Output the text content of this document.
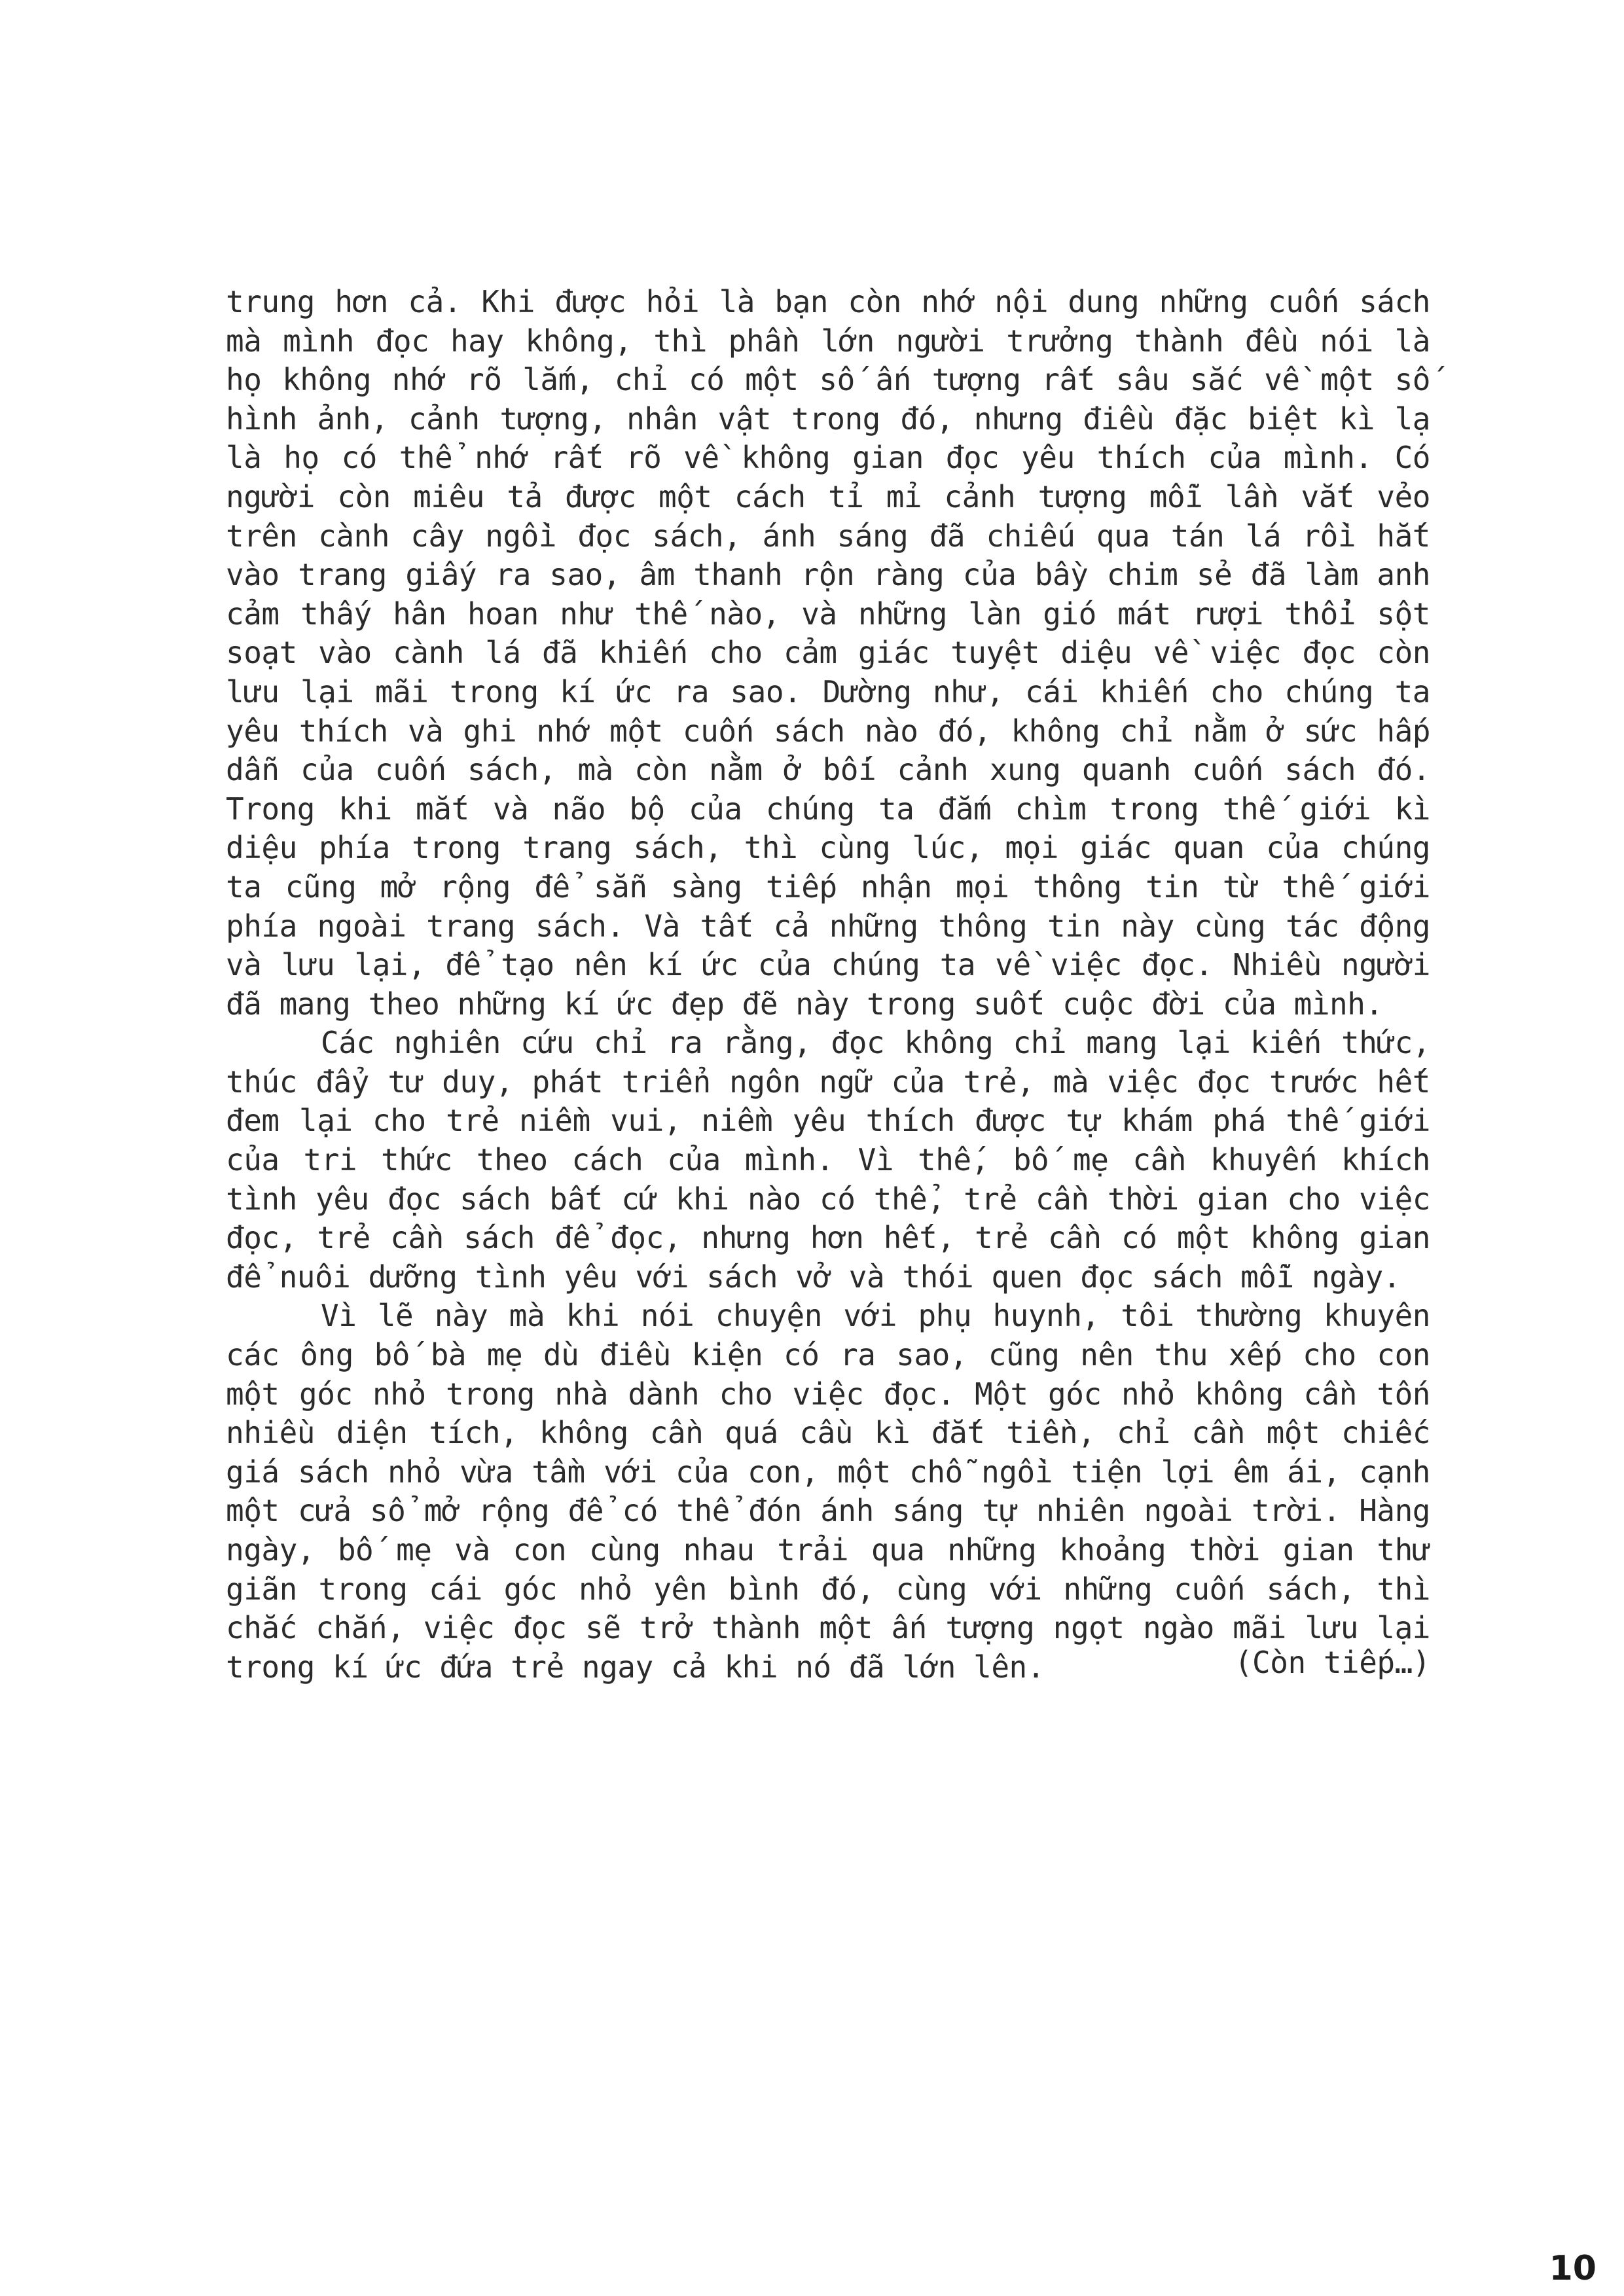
trung hơn cả. Khi được hỏi là bạn còn nhớ nội dung những cuốn sách mà mình đọc hay không, thì phần lớn người trưởng thành đều nói là họ không nhớ rõ lắm, chỉ có một số ấn tượng rất sâu sắc về một số hình ảnh, cảnh tượng, nhân vật trong đó, nhưng điều đặc biệt kì lạ là họ có thể nhớ rất rõ về không gian đọc yêu thích của mình. Có người còn miêu tả được một cách tỉ mỉ cảnh tượng mỗi lần vắt vẻo trên cành cây ngồi đọc sách, ánh sáng đã chiếu qua tán lá rồi hắt vào trang giấy ra sao, âm thanh rộn ràng của bầy chim sẻ đã làm anh cảm thấy hân hoan như thế nào, và những làn gió mát rượi thổi sột soạt vào cành lá đã khiến cho cảm giác tuyệt diệu về việc đọc còn lưu lại mãi trong kí ức ra sao. Dường như, cái khiến cho chúng ta yêu thích và ghi nhớ một cuốn sách nào đó, không chỉ nằm ở sức hấp dẫn của cuốn sách, mà còn nằm ở bối cảnh xung quanh cuốn sách đó. Trong khi mắt và não bộ của chúng ta đắm chìm trong thế giới kì diệu phía trong trang sách, thì cùng lúc, mọi giác quan của chúng ta cũng mở rộng để sẵn sàng tiếp nhận mọi thông tin từ thế giới phía ngoài trang sách. Và tất cả những thông tin này cùng tác động và lưu lại, để tạo nên kí ức của chúng ta về việc đọc. Nhiều người đã mang theo những kí ức đẹp đẽ này trong suốt cuộc đời của mình.

Các nghiên cứu chỉ ra rằng, đọc không chỉ mang lại kiến thức, thúc đẩy tư duy, phát triển ngôn ngữ của trẻ, mà việc đọc trước hết đem lại cho trẻ niềm vui, niềm yêu thích được tự khám phá thế giới của tri thức theo cách của mình. Vì thế, bố mẹ cần khuyến khích tình yêu đọc sách bất cứ khi nào có thể, trẻ cần thời gian cho việc đọc, trẻ cần sách để đọc, nhưng hơn hết, trẻ cần có một không gian để nuôi dưỡng tình yêu với sách vở và thói quen đọc sách mỗi ngày.

Vì lẽ này mà khi nói chuyện với phụ huynh, tôi thường khuyên các ông bố bà mẹ dù điều kiện có ra sao, cũng nên thu xếp cho con một góc nhỏ trong nhà dành cho việc đọc. Một góc nhỏ không cần tốn nhiều diện tích, không cần quá cầu kì đắt tiền, chỉ cần một chiếc giá sách nhỏ vừa tầm với của con, một chỗ ngồi tiện lợi êm ái, cạnh một cửa sổ mở rộng để có thể đón ánh sáng tự nhiên ngoài trời. Hàng ngày, bố mẹ và con cùng nhau trải qua những khoảng thời gian thư giãn trong cái góc nhỏ yên bình đó, cùng với những cuốn sách, thì chắc chắn, việc đọc sẽ trở thành một ấn tượng ngọt ngào mãi lưu lại trong kí ức đứa trẻ ngay cả khi nó đã lớn lên.	(Còn tiếp…)
10
